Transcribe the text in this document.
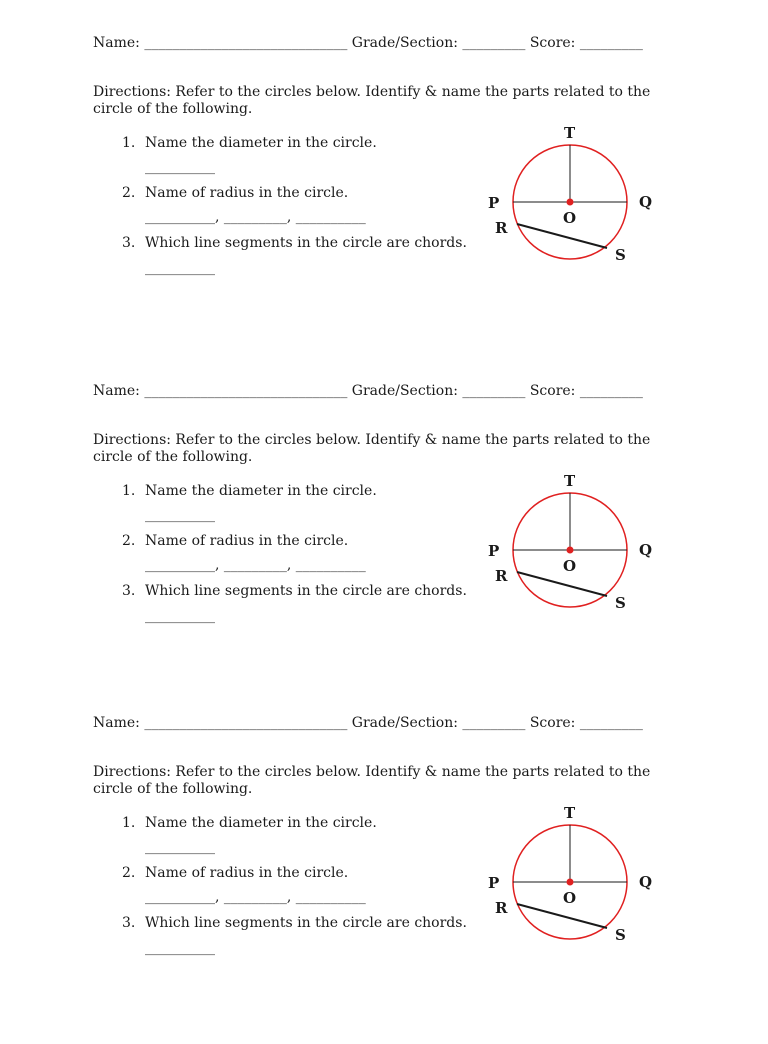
Name: _____________________________ Grade/Section: _________ Score: _________
Directions: Refer to the circles below. Identify & name the parts related to the circle of the following.
1. Name the diameter in the circle.
__________
2. Name of radius in the circle.
__________, _________, __________
3. Which line segments in the circle are chords.
__________
T
P	Q
O
R
S
Name: _____________________________ Grade/Section: _________ Score: _________
Directions: Refer to the circles below. Identify & name the parts related to the circle of the following.
1. Name the diameter in the circle.
__________
2. Name of radius in the circle.
__________, _________, __________
3. Which line segments in the circle are chords.
__________
T
P	Q
O
R
S
Name: _____________________________ Grade/Section: _________ Score: _________
Directions: Refer to the circles below. Identify & name the parts related to the circle of the following.
1. Name the diameter in the circle.
__________
2. Name of radius in the circle.
__________, _________, __________
3. Which line segments in the circle are chords.
__________
T
P	Q
O
R
S
